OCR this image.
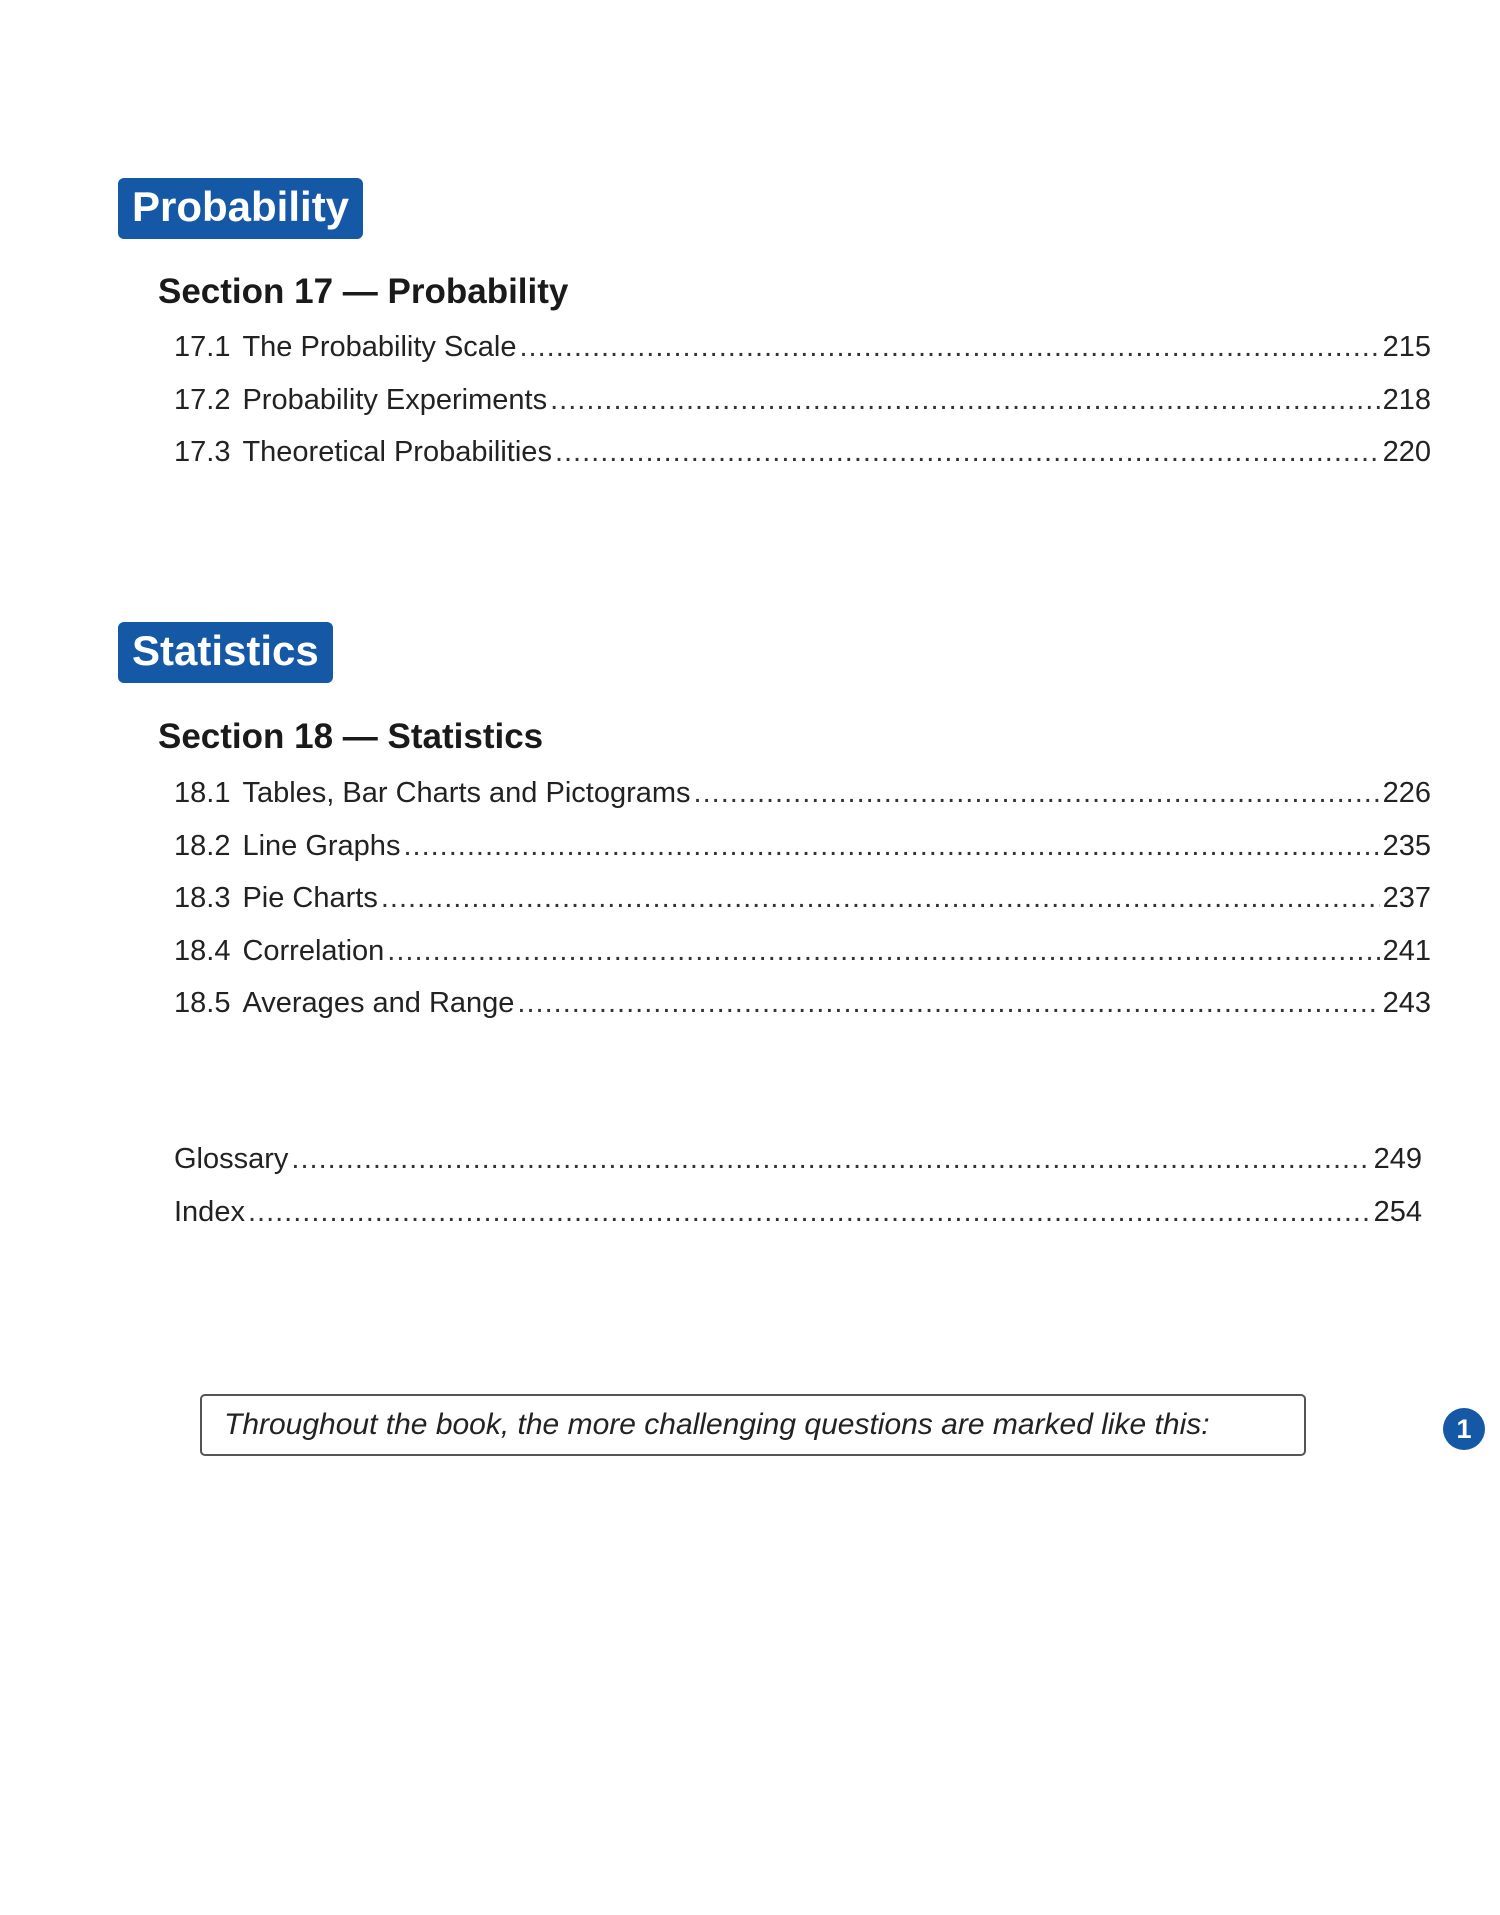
Probability
Section 17 — Probability
17.1 The Probability Scale .....	215
17.2 Probability Experiments .....	218
17.3 Theoretical Probabilities .....	220
Statistics
Section 18 — Statistics
18.1 Tables, Bar Charts and Pictograms .....	226
18.2 Line Graphs .....	235
18.3 Pie Charts .....	237
18.4 Correlation .....	241
18.5 Averages and Range .....	243
Glossary .....	249
Index .....	254
Throughout the book, the more challenging questions are marked like this:	1
